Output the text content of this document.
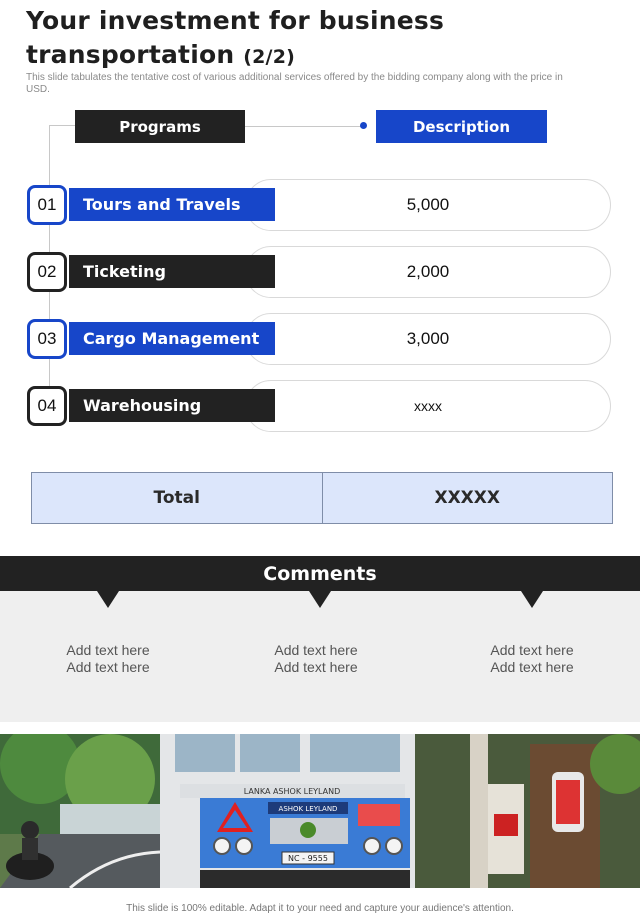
Your investment for business
transportation (2/2)
This slide tabulates the tentative cost of various additional services offered by the bidding company along with the price in USD.
Programs	Description
5,000
Tours and Travels
01
2,000
Ticketing
02
3,000
Cargo Management
03
xxxx
Warehousing
04
Total	XXXXX
Comments
Add text here
Add text here
Add text here
Add text here
Add text here
Add text here
LANKA ASHOK LEYLAND
ASHOK LEYLAND
NC - 9555
This slide is 100% editable. Adapt it to your need and capture your audience's attention.
